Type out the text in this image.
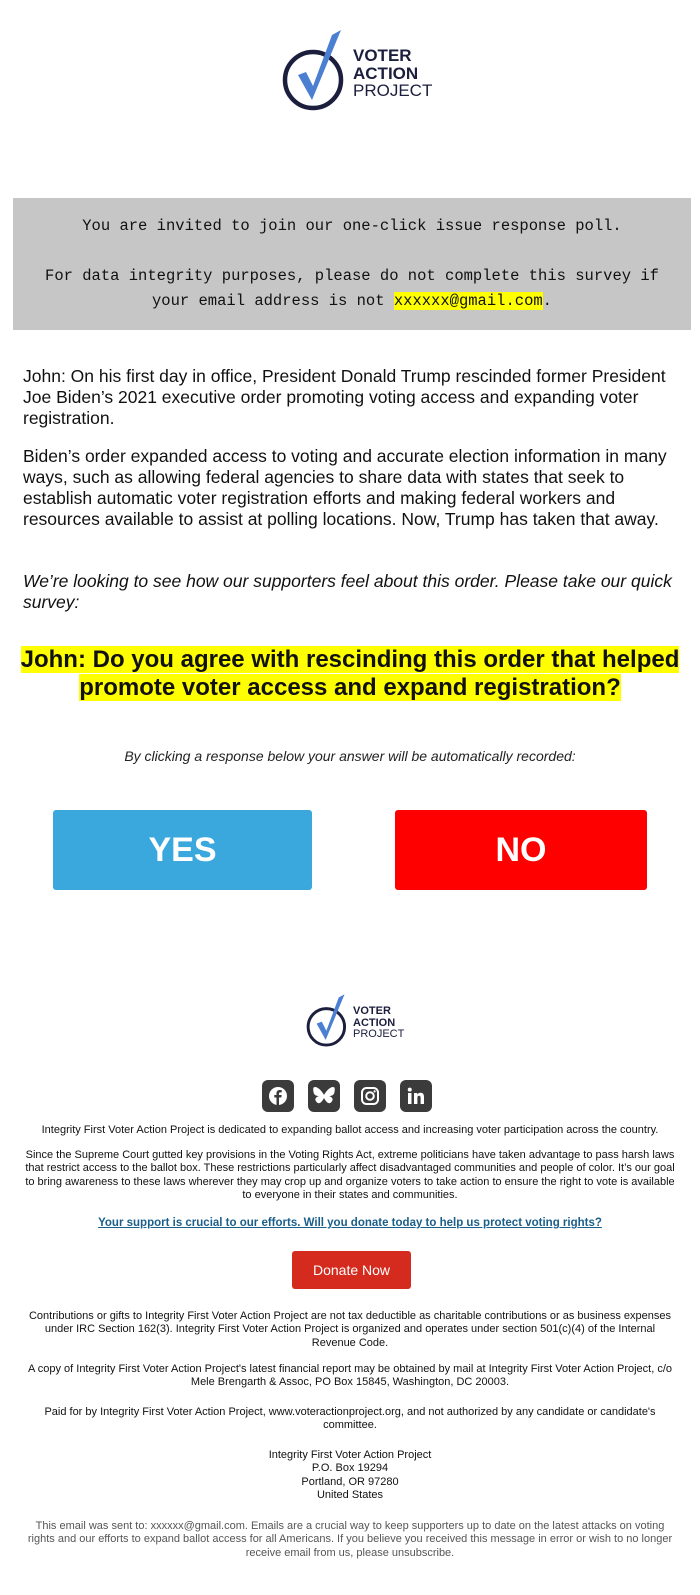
VOTER
ACTION
PROJECT

You are invited to join our one-click issue response poll.

For data integrity purposes, please do not complete this survey if your email address is not xxxxxx@gmail.com.

John: On his first day in office, President Donald Trump rescinded former President Joe Biden’s 2021 executive order promoting voting access and expanding voter registration.

Biden’s order expanded access to voting and accurate election information in many ways, such as allowing federal agencies to share data with states that seek to establish automatic voter registration efforts and making federal workers and resources available to assist at polling locations. Now, Trump has taken that away.

We’re looking to see how our supporters feel about this order. Please take our quick survey:

John: Do you agree with rescinding this order that helped promote voter access and expand registration?
By clicking a response below your answer will be automatically recorded:
YES	NO
VOTER
ACTION
PROJECT

Integrity First Voter Action Project is dedicated to expanding ballot access and increasing voter participation across the country.

Since the Supreme Court gutted key provisions in the Voting Rights Act, extreme politicians have taken advantage to pass harsh laws that restrict access to the ballot box. These restrictions particularly affect disadvantaged communities and people of color. It’s our goal to bring awareness to these laws wherever they may crop up and organize voters to take action to ensure the right to vote is available to everyone in their states and communities.

Your support is crucial to our efforts. Will you donate today to help us protect voting rights?
Donate Now

Contributions or gifts to Integrity First Voter Action Project are not tax deductible as charitable contributions or as business expenses under IRC Section 162(3). Integrity First Voter Action Project is organized and operates under section 501(c)(4) of the Internal Revenue Code.

A copy of Integrity First Voter Action Project's latest financial report may be obtained by mail at Integrity First Voter Action Project, c/o Mele Brengarth & Assoc, PO Box 15845, Washington, DC 20003.

Paid for by Integrity First Voter Action Project, www.voteractionproject.org, and not authorized by any candidate or candidate's committee.

Integrity First Voter Action Project
P.O. Box 19294
Portland, OR 97280
United States

This email was sent to: xxxxxx@gmail.com. Emails are a crucial way to keep supporters up to date on the latest attacks on voting rights and our efforts to expand ballot access for all Americans. If you believe you received this message in error or wish to no longer receive email from us, please unsubscribe.
